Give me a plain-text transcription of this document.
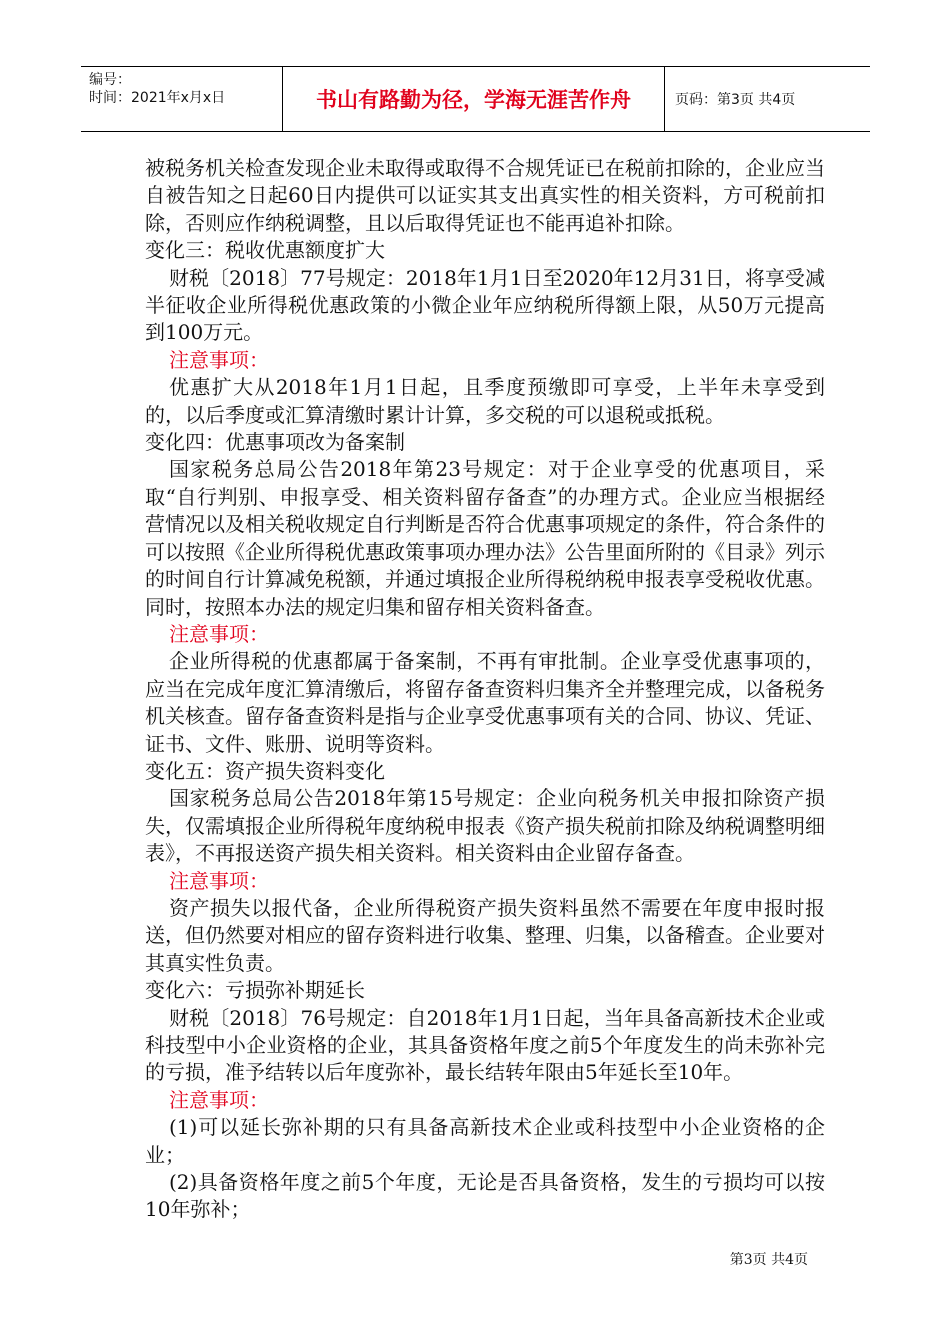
编号：
时间：2021年x月x日	书山有路勤为径，学海无涯苦作舟	页码：第3页 共4页

被税务机关检查发现企业未取得或取得不合规凭证已在税前扣除的，企业应当自被告知之日起60日内提供可以证实其支出真实性的相关资料，方可税前扣除，否则应作纳税调整，且以后取得凭证也不能再追补扣除。

变化三：税收优惠额度扩大

财税〔2018〕77号规定：2018年1月1日至2020年12月31日，将享受减半征收企业所得税优惠政策的小微企业年应纳税所得额上限，从50万元提高到100万元。

注意事项：

优惠扩大从2018年1月1日起，且季度预缴即可享受，上半年未享受到的，以后季度或汇算清缴时累计计算，多交税的可以退税或抵税。

变化四：优惠事项改为备案制

国家税务总局公告2018年第23号规定：对于企业享受的优惠项目，采取“自行判别、申报享受、相关资料留存备查”的办理方式。企业应当根据经营情况以及相关税收规定自行判断是否符合优惠事项规定的条件，符合条件的可以按照《企业所得税优惠政策事项办理办法》公告里面所附的《目录》列示的时间自行计算减免税额，并通过填报企业所得税纳税申报表享受税收优惠。同时，按照本办法的规定归集和留存相关资料备查。

注意事项：

企业所得税的优惠都属于备案制，不再有审批制。企业享受优惠事项的，应当在完成年度汇算清缴后，将留存备查资料归集齐全并整理完成，以备税务机关核查。留存备查资料是指与企业享受优惠事项有关的合同、协议、凭证、证书、文件、账册、说明等资料。

变化五：资产损失资料变化

国家税务总局公告2018年第15号规定：企业向税务机关申报扣除资产损失，仅需填报企业所得税年度纳税申报表《资产损失税前扣除及纳税调整明细表》，不再报送资产损失相关资料。相关资料由企业留存备查。

注意事项：

资产损失以报代备，企业所得税资产损失资料虽然不需要在年度申报时报送，但仍然要对相应的留存资料进行收集、整理、归集，以备稽查。企业要对其真实性负责。

变化六：亏损弥补期延长

财税〔2018〕76号规定：自2018年1月1日起，当年具备高新技术企业或科技型中小企业资格的企业，其具备资格年度之前5个年度发生的尚未弥补完的亏损，准予结转以后年度弥补，最长结转年限由5年延长至10年。

注意事项：

(1)可以延长弥补期的只有具备高新技术企业或科技型中小企业资格的企业；

(2)具备资格年度之前5个年度，无论是否具备资格，发生的亏损均可以按10年弥补；

第3页 共4页
